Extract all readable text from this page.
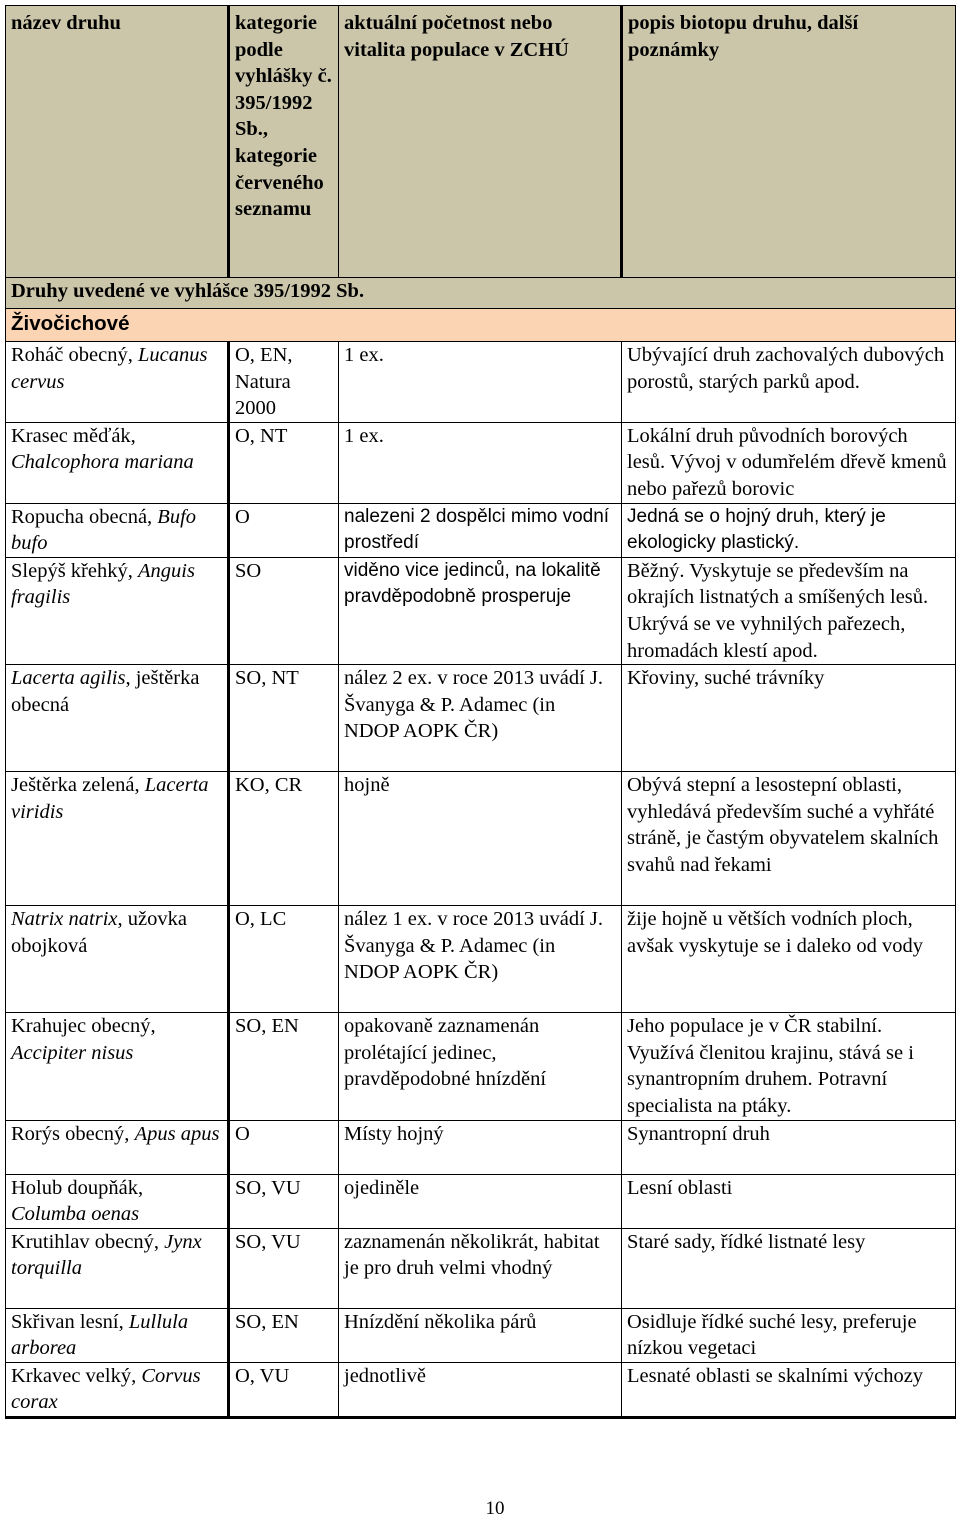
název druhu	kategorie podle vyhlášky č. 395/1992 Sb., kategorie červeného seznamu	aktuální početnost nebo vitalita populace v ZCHÚ	popis biotopu druhu, další poznámky
Druhy uvedené ve vyhlášce 395/1992 Sb.			
Živočichové			
Roháč obecný, Lucanus cervus	O, EN, Natura 2000	1 ex.	Ubývající druh zachovalých dubových porostů, starých parků apod.
Krasec měďák, Chalcophora mariana	O, NT	1 ex.	Lokální druh původních borových lesů. Vývoj v odumřelém dřevě kmenů nebo pařezů borovic
Ropucha obecná, Bufo bufo	O	nalezeni 2 dospělci mimo vodní prostředí	Jedná se o hojný druh, který je ekologicky plastický.
Slepýš křehký, Anguis fragilis	SO	viděno vice jedinců, na lokalitě pravděpodobně prosperuje	Běžný. Vyskytuje se především na okrajích listnatých a smíšených lesů. Ukrývá se ve vyhnilých pařezech, hromadách klestí apod.
Lacerta agilis, ještěrka obecná	SO, NT	nález 2 ex. v roce 2013 uvádí J. Švanyga & P. Adamec (in NDOP AOPK ČR)	Křoviny, suché trávníky
Ještěrka zelená, Lacerta viridis	KO, CR	hojně	Obývá stepní a lesostepní oblasti, vyhledává především suché a vyhřáté stráně, je častým obyvatelem skalních svahů nad řekami
Natrix natrix, užovka obojková	O, LC	nález 1 ex. v roce 2013 uvádí J. Švanyga & P. Adamec (in NDOP AOPK ČR)	žije hojně u větších vodních ploch, avšak vyskytuje se i daleko od vody
Krahujec obecný, Accipiter nisus	SO, EN	opakovaně zaznamenán prolétající jedinec, pravděpodobné hnízdění	Jeho populace je v ČR stabilní. Využívá členitou krajinu, stává se i synantropním druhem. Potravní specialista na ptáky.
Rorýs obecný, Apus apus	O	Místy hojný	Synantropní druh
Holub doupňák, Columba oenas	SO, VU	ojediněle	Lesní oblasti
Krutihlav obecný, Jynx torquilla	SO, VU	zaznamenán několikrát, habitat je pro druh velmi vhodný	Staré sady, řídké listnaté lesy
Skřivan lesní, Lullula arborea	SO, EN	Hnízdění několika párů	Osidluje řídké suché lesy, preferuje nízkou vegetaci
Krkavec velký, Corvus corax	O, VU	jednotlivě	Lesnaté oblasti se skalními výchozy
10
